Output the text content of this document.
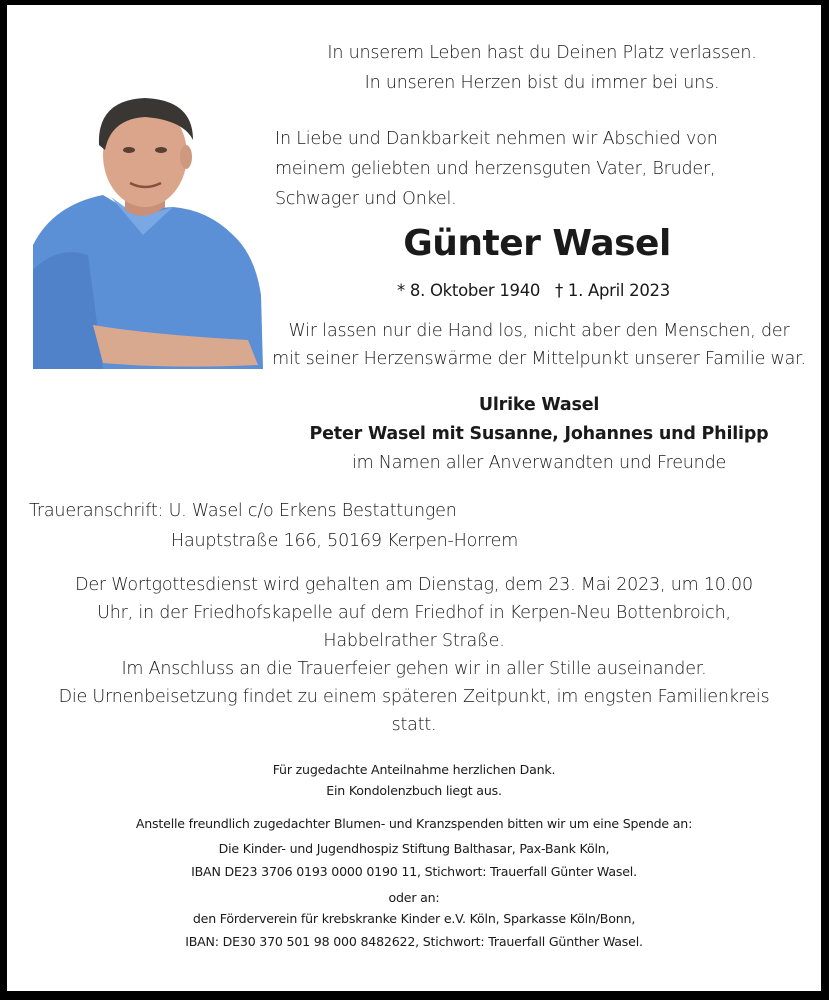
In unserem Leben hast du Deinen Platz verlassen.
In unseren Herzen bist du immer bei uns.
In Liebe und Dankbarkeit nehmen wir Abschied von
meinem geliebten und herzensguten Vater, Bruder,
Schwager und Onkel.
Günter Wasel
* 8. Oktober 1940 † 1. April 2023
Wir lassen nur die Hand los, nicht aber den Menschen, der
mit seiner Herzenswärme der Mittelpunkt unserer Familie war.
Ulrike Wasel
Peter Wasel mit Susanne, Johannes und Philipp
im Namen aller Anverwandten und Freunde
Traueranschrift: U. Wasel c/o Erkens Bestattungen
Hauptstraße 166, 50169 Kerpen-Horrem
Der Wortgottesdienst wird gehalten am Dienstag, dem 23. Mai 2023, um 10.00
Uhr, in der Friedhofskapelle auf dem Friedhof in Kerpen-Neu Bottenbroich,
Habbelrather Straße.
Im Anschluss an die Trauerfeier gehen wir in aller Stille auseinander.
Die Urnenbeisetzung findet zu einem späteren Zeitpunkt, im engsten Familienkreis
statt.
Für zugedachte Anteilnahme herzlichen Dank.
Ein Kondolenzbuch liegt aus.
Anstelle freundlich zugedachter Blumen- und Kranzspenden bitten wir um eine Spende an:
Die Kinder- und Jugendhospiz Stiftung Balthasar, Pax-Bank Köln,
IBAN DE23 3706 0193 0000 0190 11, Stichwort: Trauerfall Günter Wasel.
oder an:
den Förderverein für krebskranke Kinder e.V. Köln, Sparkasse Köln/Bonn,
IBAN: DE30 370 501 98 000 8482622, Stichwort: Trauerfall Günther Wasel.
